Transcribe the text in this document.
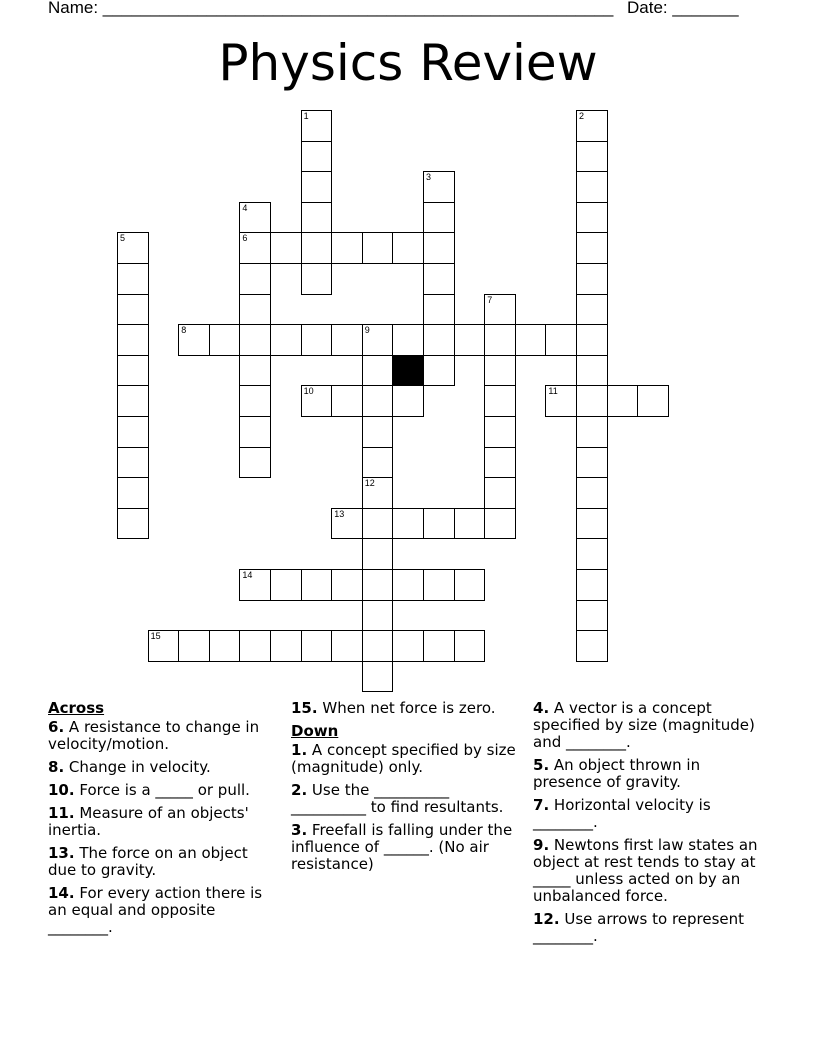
Name: ______________________________________________________ Date: _______
Physics Review
1	2
3
4
6
5
7
8	9
10	11
12
13
14
15
Across
6. A resistance to change in velocity/motion.
8. Change in velocity.
10. Force is a _____ or pull.
11. Measure of an objects' inertia.
13. The force on an object due to gravity.
14. For every action there is an equal and opposite ________.
15. When net force is zero.
Down
1. A concept specified by size (magnitude) only.
2. Use the __________ __________ to find resultants.
3. Freefall is falling under the influence of ______. (No air resistance)
4. A vector is a concept specified by size (magnitude) and ________.
5. An object thrown in presence of gravity.
7. Horizontal velocity is ________.
9. Newtons first law states an object at rest tends to stay at _____ unless acted on by an unbalanced force.
12. Use arrows to represent ________.
